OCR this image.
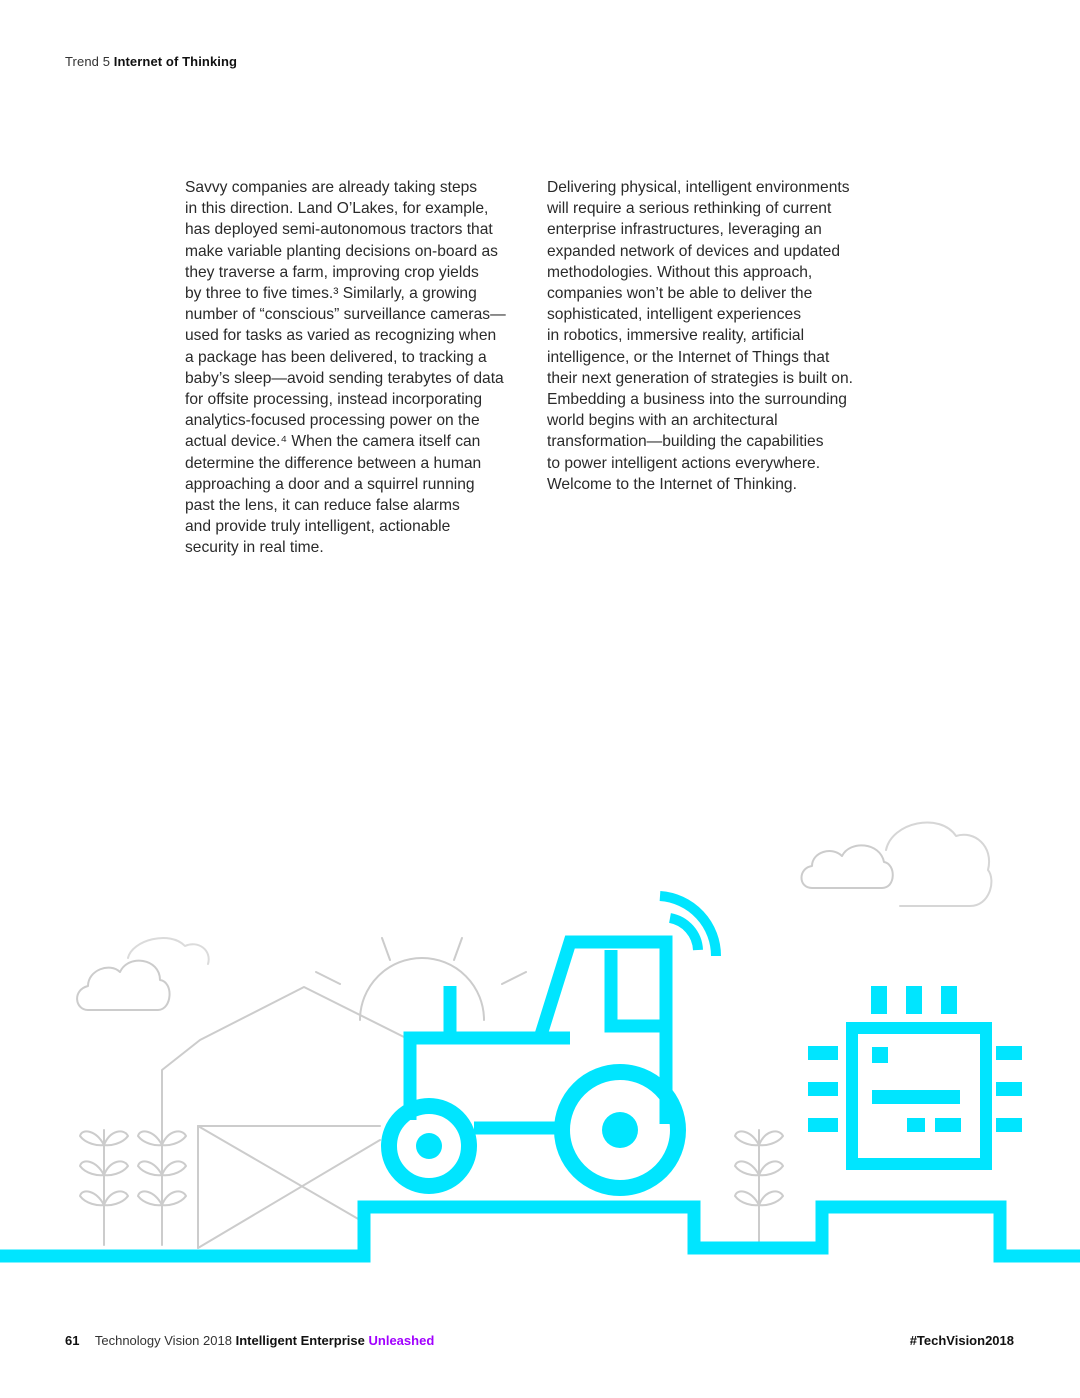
Trend 5 Internet of Thinking
Savvy companies are already taking steps
in this direction. Land O’Lakes, for example,
has deployed semi-autonomous tractors that
make variable planting decisions on-board as
they traverse a farm, improving crop yields
by three to five times.³ Similarly, a growing
number of “conscious” surveillance cameras—
used for tasks as varied as recognizing when
a package has been delivered, to tracking a
baby’s sleep—avoid sending terabytes of data
for offsite processing, instead incorporating
analytics-focused processing power on the
actual device.⁴ When the camera itself can
determine the difference between a human
approaching a door and a squirrel running
past the lens, it can reduce false alarms
and provide truly intelligent, actionable
security in real time.
Delivering physical, intelligent environments
will require a serious rethinking of current
enterprise infrastructures, leveraging an
expanded network of devices and updated
methodologies. Without this approach,
companies won’t be able to deliver the
sophisticated, intelligent experiences
in robotics, immersive reality, artificial
intelligence, or the Internet of Things that
their next generation of strategies is built on.
Embedding a business into the surrounding
world begins with an architectural
transformation—building the capabilities
to power intelligent actions everywhere.
Welcome to the Internet of Thinking.
61 Technology Vision 2018 Intelligent Enterprise Unleashed	#TechVision2018
